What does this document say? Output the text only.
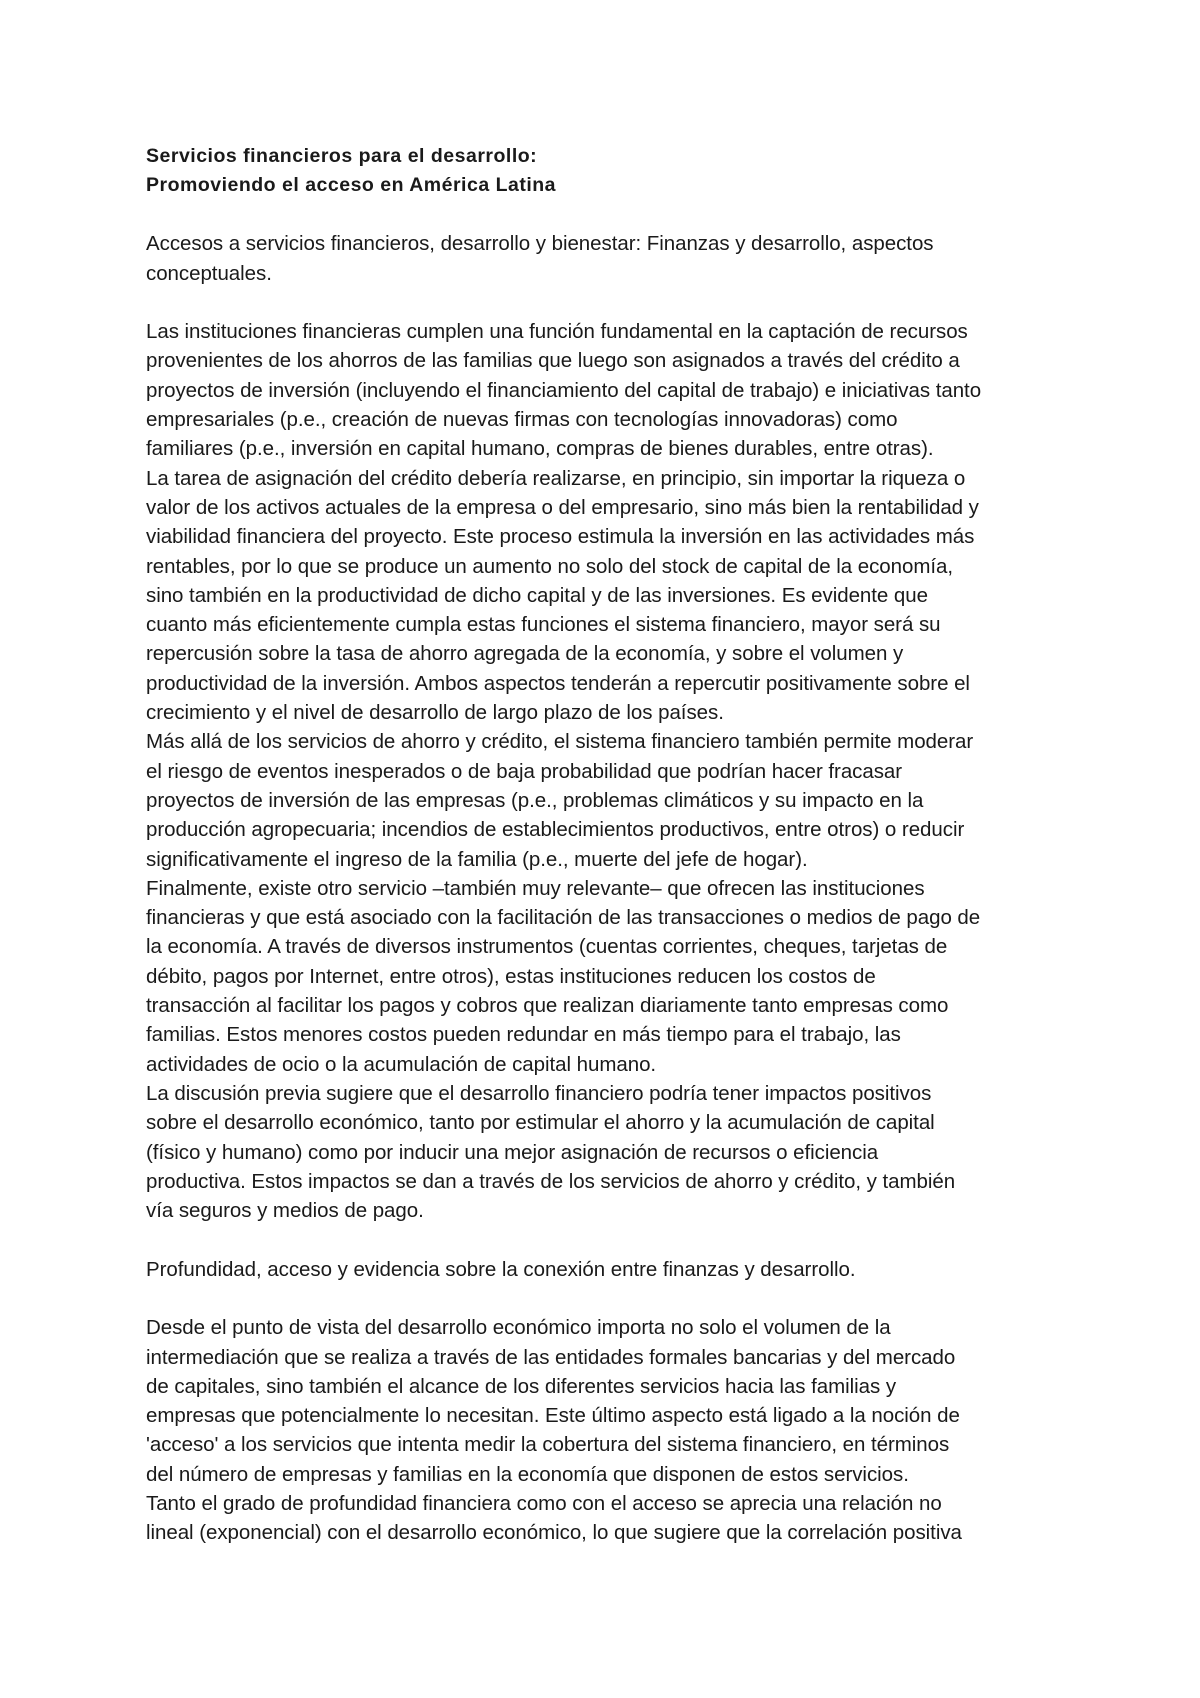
Servicios financieros para el desarrollo:

Promoviendo el acceso en América Latina

Accesos a servicios financieros, desarrollo y bienestar: Finanzas y desarrollo, aspectos

conceptuales.

Las instituciones financieras cumplen una función fundamental en la captación de recursos

provenientes de los ahorros de las familias que luego son asignados a través del crédito a

proyectos de inversión (incluyendo el financiamiento del capital de trabajo) e iniciativas tanto

empresariales (p.e., creación de nuevas firmas con tecnologías innovadoras) como

familiares (p.e., inversión en capital humano, compras de bienes durables, entre otras).

La tarea de asignación del crédito debería realizarse, en principio, sin importar la riqueza o

valor de los activos actuales de la empresa o del empresario, sino más bien la rentabilidad y

viabilidad financiera del proyecto. Este proceso estimula la inversión en las actividades más

rentables, por lo que se produce un aumento no solo del stock de capital de la economía,

sino también en la productividad de dicho capital y de las inversiones. Es evidente que

cuanto más eficientemente cumpla estas funciones el sistema financiero, mayor será su

repercusión sobre la tasa de ahorro agregada de la economía, y sobre el volumen y

productividad de la inversión. Ambos aspectos tenderán a repercutir positivamente sobre el

crecimiento y el nivel de desarrollo de largo plazo de los países.

Más allá de los servicios de ahorro y crédito, el sistema financiero también permite moderar

el riesgo de eventos inesperados o de baja probabilidad que podrían hacer fracasar

proyectos de inversión de las empresas (p.e., problemas climáticos y su impacto en la

producción agropecuaria; incendios de establecimientos productivos, entre otros) o reducir

significativamente el ingreso de la familia (p.e., muerte del jefe de hogar).

Finalmente, existe otro servicio –también muy relevante– que ofrecen las instituciones

financieras y que está asociado con la facilitación de las transacciones o medios de pago de

la economía. A través de diversos instrumentos (cuentas corrientes, cheques, tarjetas de

débito, pagos por Internet, entre otros), estas instituciones reducen los costos de

transacción al facilitar los pagos y cobros que realizan diariamente tanto empresas como

familias. Estos menores costos pueden redundar en más tiempo para el trabajo, las

actividades de ocio o la acumulación de capital humano.

La discusión previa sugiere que el desarrollo financiero podría tener impactos positivos

sobre el desarrollo económico, tanto por estimular el ahorro y la acumulación de capital

(físico y humano) como por inducir una mejor asignación de recursos o eficiencia

productiva. Estos impactos se dan a través de los servicios de ahorro y crédito, y también

vía seguros y medios de pago.

Profundidad, acceso y evidencia sobre la conexión entre finanzas y desarrollo.

Desde el punto de vista del desarrollo económico importa no solo el volumen de la

intermediación que se realiza a través de las entidades formales bancarias y del mercado

de capitales, sino también el alcance de los diferentes servicios hacia las familias y

empresas que potencialmente lo necesitan. Este último aspecto está ligado a la noción de

'acceso' a los servicios que intenta medir la cobertura del sistema financiero, en términos

del número de empresas y familias en la economía que disponen de estos servicios.

Tanto el grado de profundidad financiera como con el acceso se aprecia una relación no

lineal (exponencial) con el desarrollo económico, lo que sugiere que la correlación positiva
